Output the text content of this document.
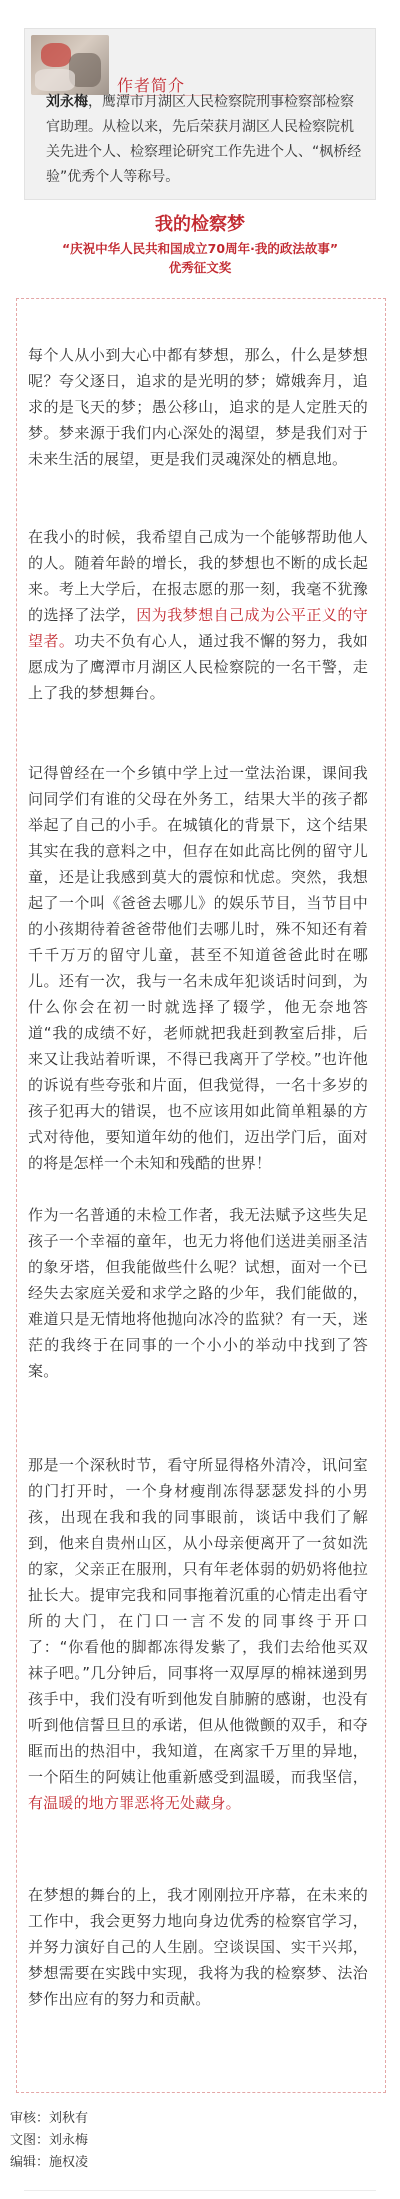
作者简介
刘永梅，鹰潭市月湖区人民检察院刑事检察部检察官助理。从检以来，先后荣获月湖区人民检察院机关先进个人、检察理论研究工作先进个人、“枫桥经验”优秀个人等称号。
我的检察梦
“庆祝中华人民共和国成立70周年·我的政法故事”
优秀征文奖
每个人从小到大心中都有梦想，那么，什么是梦想呢？夸父逐日，追求的是光明的梦；嫦娥奔月，追求的是飞天的梦；愚公移山，追求的是人定胜天的梦。梦来源于我们内心深处的渴望，梦是我们对于未来生活的展望，更是我们灵魂深处的栖息地。
在我小的时候，我希望自己成为一个能够帮助他人的人。随着年龄的增长，我的梦想也不断的成长起来。考上大学后，在报志愿的那一刻，我毫不犹豫的选择了法学，因为我梦想自己成为公平正义的守望者。功夫不负有心人，通过我不懈的努力，我如愿成为了鹰潭市月湖区人民检察院的一名干警，走上了我的梦想舞台。
记得曾经在一个乡镇中学上过一堂法治课，课间我问同学们有谁的父母在外务工，结果大半的孩子都举起了自己的小手。在城镇化的背景下，这个结果其实在我的意料之中，但存在如此高比例的留守儿童，还是让我感到莫大的震惊和忧虑。突然，我想起了一个叫《爸爸去哪儿》的娱乐节目，当节目中的小孩期待着爸爸带他们去哪儿时，殊不知还有着千千万万的留守儿童，甚至不知道爸爸此时在哪儿。还有一次，我与一名未成年犯谈话时问到，为什么你会在初一时就选择了辍学，他无奈地答道“我的成绩不好，老师就把我赶到教室后排，后来又让我站着听课，不得已我离开了学校。”也许他的诉说有些夸张和片面，但我觉得，一名十多岁的孩子犯再大的错误，也不应该用如此简单粗暴的方式对待他，要知道年幼的他们，迈出学门后，面对的将是怎样一个未知和残酷的世界！
作为一名普通的未检工作者，我无法赋予这些失足孩子一个幸福的童年，也无力将他们送进美丽圣洁的象牙塔，但我能做些什么呢？试想，面对一个已经失去家庭关爱和求学之路的少年，我们能做的，难道只是无情地将他抛向冰冷的监狱？有一天，迷茫的我终于在同事的一个小小的举动中找到了答案。
那是一个深秋时节，看守所显得格外清冷，讯问室的门打开时，一个身材瘦削冻得瑟瑟发抖的小男孩，出现在我和我的同事眼前，谈话中我们了解到，他来自贵州山区，从小母亲便离开了一贫如洗的家，父亲正在服刑，只有年老体弱的奶奶将他拉扯长大。提审完我和同事拖着沉重的心情走出看守所的大门，在门口一言不发的同事终于开口了：“你看他的脚都冻得发紫了，我们去给他买双袜子吧。”几分钟后，同事将一双厚厚的棉袜递到男孩手中，我们没有听到他发自肺腑的感谢，也没有听到他信誓旦旦的承诺，但从他微颤的双手，和夺眶而出的热泪中，我知道，在离家千万里的异地，一个陌生的阿姨让他重新感受到温暖，而我坚信，有温暖的地方罪恶将无处藏身。
在梦想的舞台的上，我才刚刚拉开序幕，在未来的工作中，我会更努力地向身边优秀的检察官学习，并努力演好自己的人生剧。空谈误国、实干兴邦，梦想需要在实践中实现，我将为我的检察梦、法治梦作出应有的努力和贡献。
审核：刘秋有
文图：刘永梅
编辑：施权凌
